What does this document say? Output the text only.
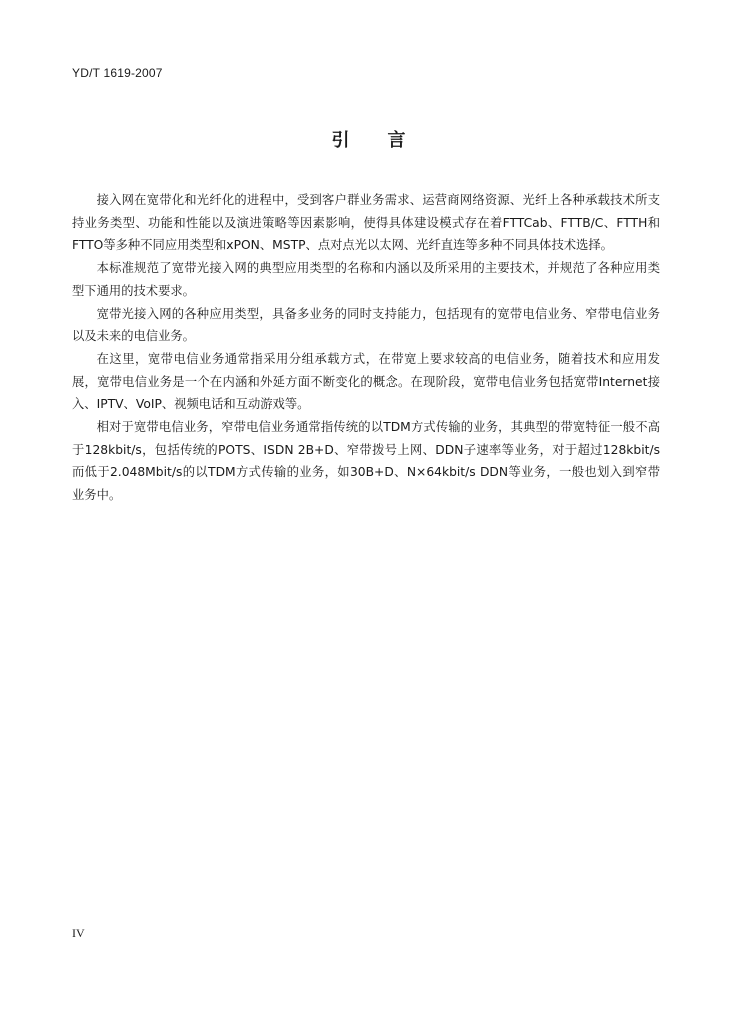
YD/T 1619-2007

引 言

接入网在宽带化和光纤化的进程中，受到客户群业务需求、运营商网络资源、光纤上各种承载技术所支持业务类型、功能和性能以及演进策略等因素影响，使得具体建设模式存在着FTTCab、FTTB/C、FTTH和FTTO等多种不同应用类型和xPON、MSTP、点对点光以太网、光纤直连等多种不同具体技术选择。

本标准规范了宽带光接入网的典型应用类型的名称和内涵以及所采用的主要技术，并规范了各种应用类型下通用的技术要求。

宽带光接入网的各种应用类型，具备多业务的同时支持能力，包括现有的宽带电信业务、窄带电信业务以及未来的电信业务。

在这里，宽带电信业务通常指采用分组承载方式，在带宽上要求较高的电信业务，随着技术和应用发展，宽带电信业务是一个在内涵和外延方面不断变化的概念。在现阶段，宽带电信业务包括宽带Internet接入、IPTV、VoIP、视频电话和互动游戏等。

相对于宽带电信业务，窄带电信业务通常指传统的以TDM方式传输的业务，其典型的带宽特征一般不高于128kbit/s，包括传统的POTS、ISDN 2B+D、窄带拨号上网、DDN子速率等业务，对于超过128kbit/s而低于2.048Mbit/s的以TDM方式传输的业务，如30B+D、N×64kbit/s DDN等业务，一般也划入到窄带业务中。

IV
